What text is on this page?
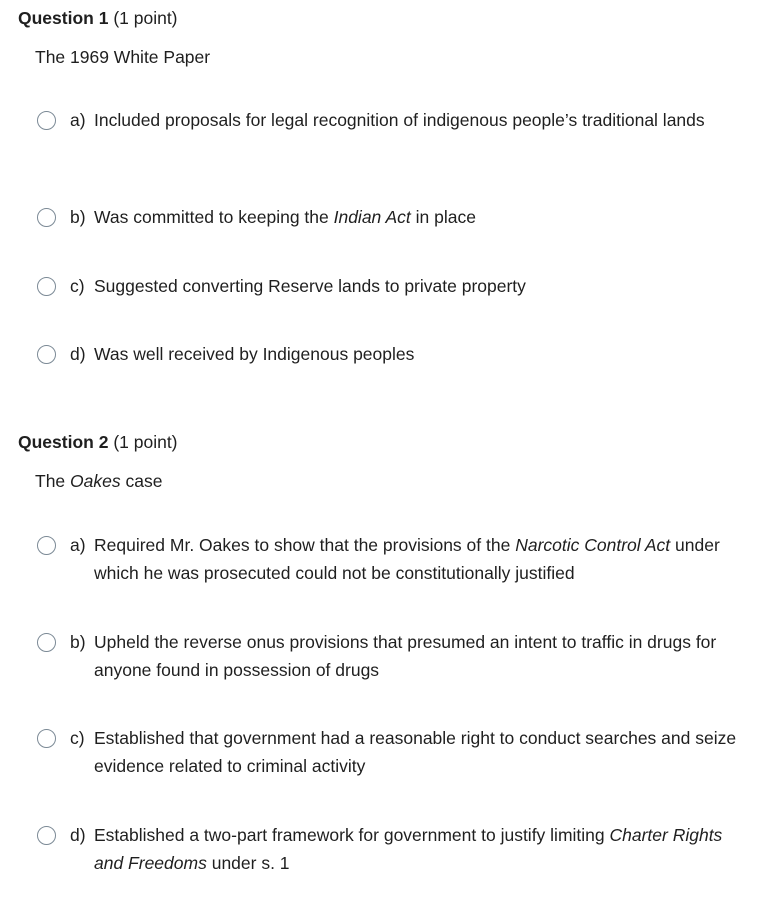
Question 1 (1 point)
The 1969 White Paper
a) Included proposals for legal recognition of indigenous people’s traditional lands
b) Was committed to keeping the Indian Act in place
c) Suggested converting Reserve lands to private property
d) Was well received by Indigenous peoples
Question 2 (1 point)
The Oakes case
a) Required Mr. Oakes to show that the provisions of the Narcotic Control Act under which he was prosecuted could not be constitutionally justified
b) Upheld the reverse onus provisions that presumed an intent to traffic in drugs for anyone found in possession of drugs
c) Established that government had a reasonable right to conduct searches and seize evidence related to criminal activity
d) Established a two-part framework for government to justify limiting Charter Rights and Freedoms under s. 1
